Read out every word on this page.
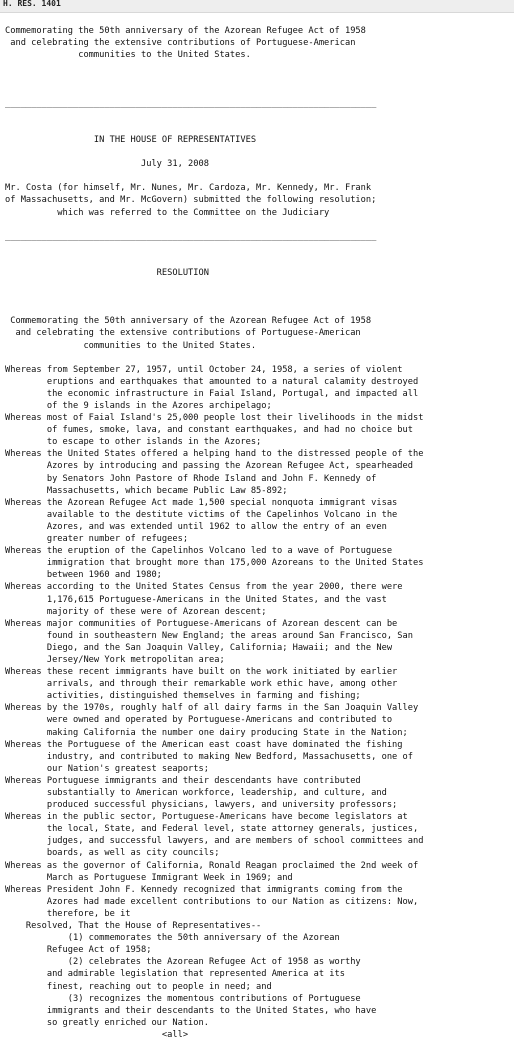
H. RES. 1401
Commemorating the 50th anniversary of the Azorean Refugee Act of 1958
and celebrating the extensive contributions of Portuguese-American
communities to the United States.
_______________________________________________________________________
IN THE HOUSE OF REPRESENTATIVES
July 31, 2008
Mr. Costa (for himself, Mr. Nunes, Mr. Cardoza, Mr. Kennedy, Mr. Frank
of Massachusetts, and Mr. McGovern) submitted the following resolution;
which was referred to the Committee on the Judiciary
_______________________________________________________________________
RESOLUTION
Commemorating the 50th anniversary of the Azorean Refugee Act of 1958
and celebrating the extensive contributions of Portuguese-American
communities to the United States.
Whereas from September 27, 1957, until October 24, 1958, a series of violent
eruptions and earthquakes that amounted to a natural calamity destroyed
the economic infrastructure in Faial Island, Portugal, and impacted all
of the 9 islands in the Azores archipelago;
Whereas most of Faial Island's 25,000 people lost their livelihoods in the midst
of fumes, smoke, lava, and constant earthquakes, and had no choice but
to escape to other islands in the Azores;
Whereas the United States offered a helping hand to the distressed people of the
Azores by introducing and passing the Azorean Refugee Act, spearheaded
by Senators John Pastore of Rhode Island and John F. Kennedy of
Massachusetts, which became Public Law 85-892;
Whereas the Azorean Refugee Act made 1,500 special nonquota immigrant visas
available to the destitute victims of the Capelinhos Volcano in the
Azores, and was extended until 1962 to allow the entry of an even
greater number of refugees;
Whereas the eruption of the Capelinhos Volcano led to a wave of Portuguese
immigration that brought more than 175,000 Azoreans to the United States
between 1960 and 1980;
Whereas according to the United States Census from the year 2000, there were
1,176,615 Portuguese-Americans in the United States, and the vast
majority of these were of Azorean descent;
Whereas major communities of Portuguese-Americans of Azorean descent can be
found in southeastern New England; the areas around San Francisco, San
Diego, and the San Joaquin Valley, California; Hawaii; and the New
Jersey/New York metropolitan area;
Whereas these recent immigrants have built on the work initiated by earlier
arrivals, and through their remarkable work ethic have, among other
activities, distinguished themselves in farming and fishing;
Whereas by the 1970s, roughly half of all dairy farms in the San Joaquin Valley
were owned and operated by Portuguese-Americans and contributed to
making California the number one dairy producing State in the Nation;
Whereas the Portuguese of the American east coast have dominated the fishing
industry, and contributed to making New Bedford, Massachusetts, one of
our Nation's greatest seaports;
Whereas Portuguese immigrants and their descendants have contributed
substantially to American workforce, leadership, and culture, and
produced successful physicians, lawyers, and university professors;
Whereas in the public sector, Portuguese-Americans have become legislators at
the local, State, and Federal level, state attorney generals, justices,
judges, and successful lawyers, and are members of school committees and
boards, as well as city councils;
Whereas as the governor of California, Ronald Reagan proclaimed the 2nd week of
March as Portuguese Immigrant Week in 1969; and
Whereas President John F. Kennedy recognized that immigrants coming from the
Azores had made excellent contributions to our Nation as citizens: Now,
therefore, be it
Resolved, That the House of Representatives--
(1) commemorates the 50th anniversary of the Azorean
Refugee Act of 1958;
(2) celebrates the Azorean Refugee Act of 1958 as worthy
and admirable legislation that represented America at its
finest, reaching out to people in need; and
(3) recognizes the momentous contributions of Portuguese
immigrants and their descendants to the United States, who have
so greatly enriched our Nation.
<all>
